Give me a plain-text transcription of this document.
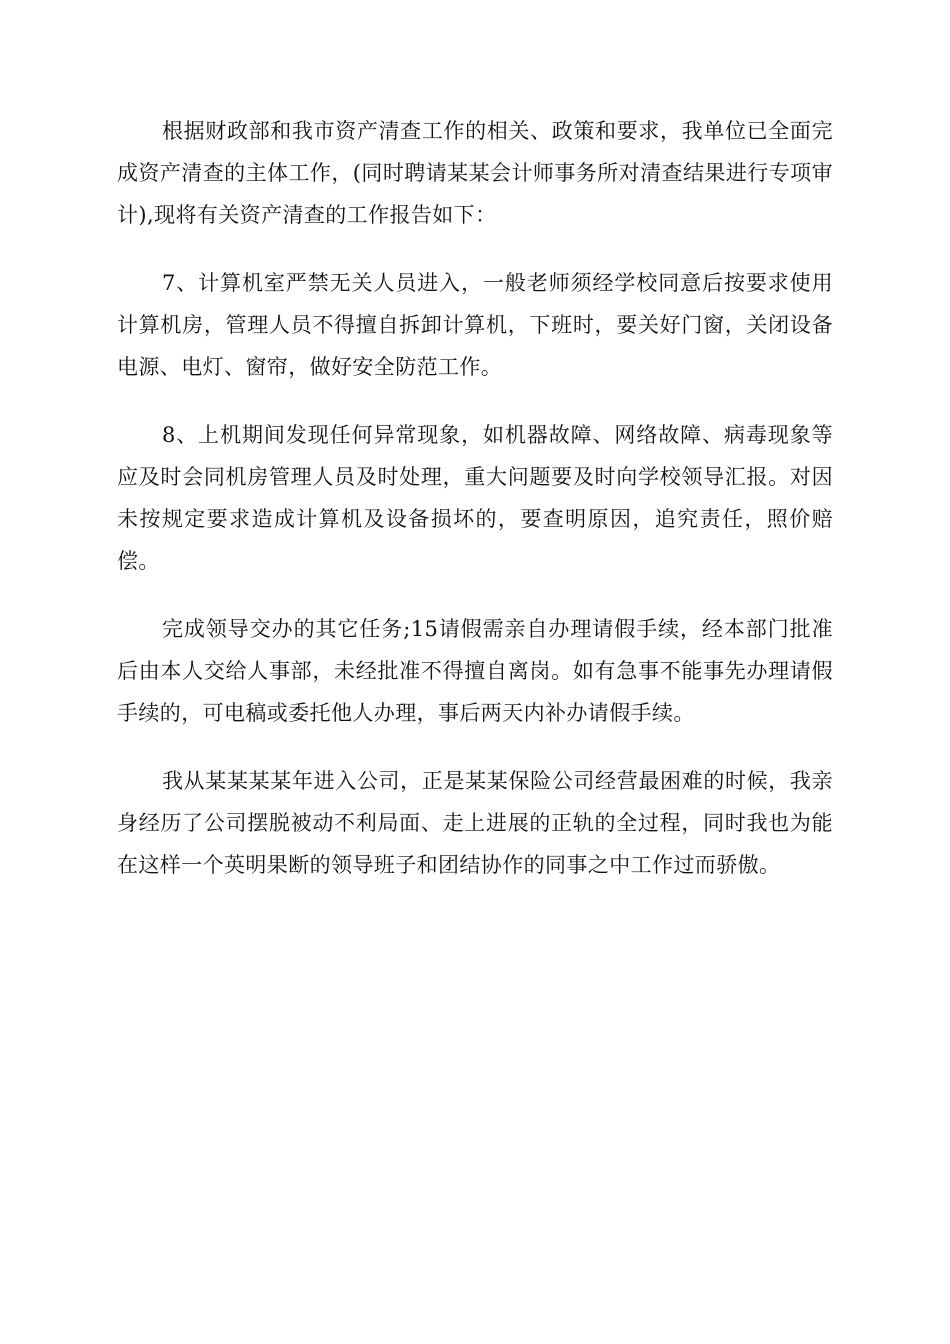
根据财政部和我市资产清查工作的相关、政策和要求，我单位已全面完成资产清查的主体工作，(同时聘请某某会计师事务所对清查结果进行专项审计),现将有关资产清查的工作报告如下：

7、计算机室严禁无关人员进入，一般老师须经学校同意后按要求使用计算机房，管理人员不得擅自拆卸计算机，下班时，要关好门窗，关闭设备电源、电灯、窗帘，做好安全防范工作。

8、上机期间发现任何异常现象，如机器故障、网络故障、病毒现象等应及时会同机房管理人员及时处理，重大问题要及时向学校领导汇报。对因未按规定要求造成计算机及设备损坏的，要查明原因，追究责任，照价赔偿。

完成领导交办的其它任务;15请假需亲自办理请假手续，经本部门批准后由本人交给人事部，未经批准不得擅自离岗。如有急事不能事先办理请假手续的，可电稿或委托他人办理，事后两天内补办请假手续。

我从某某某某年进入公司，正是某某保险公司经营最困难的时候，我亲身经历了公司摆脱被动不利局面、走上进展的正轨的全过程，同时我也为能在这样一个英明果断的领导班子和团结协作的同事之中工作过而骄傲。
